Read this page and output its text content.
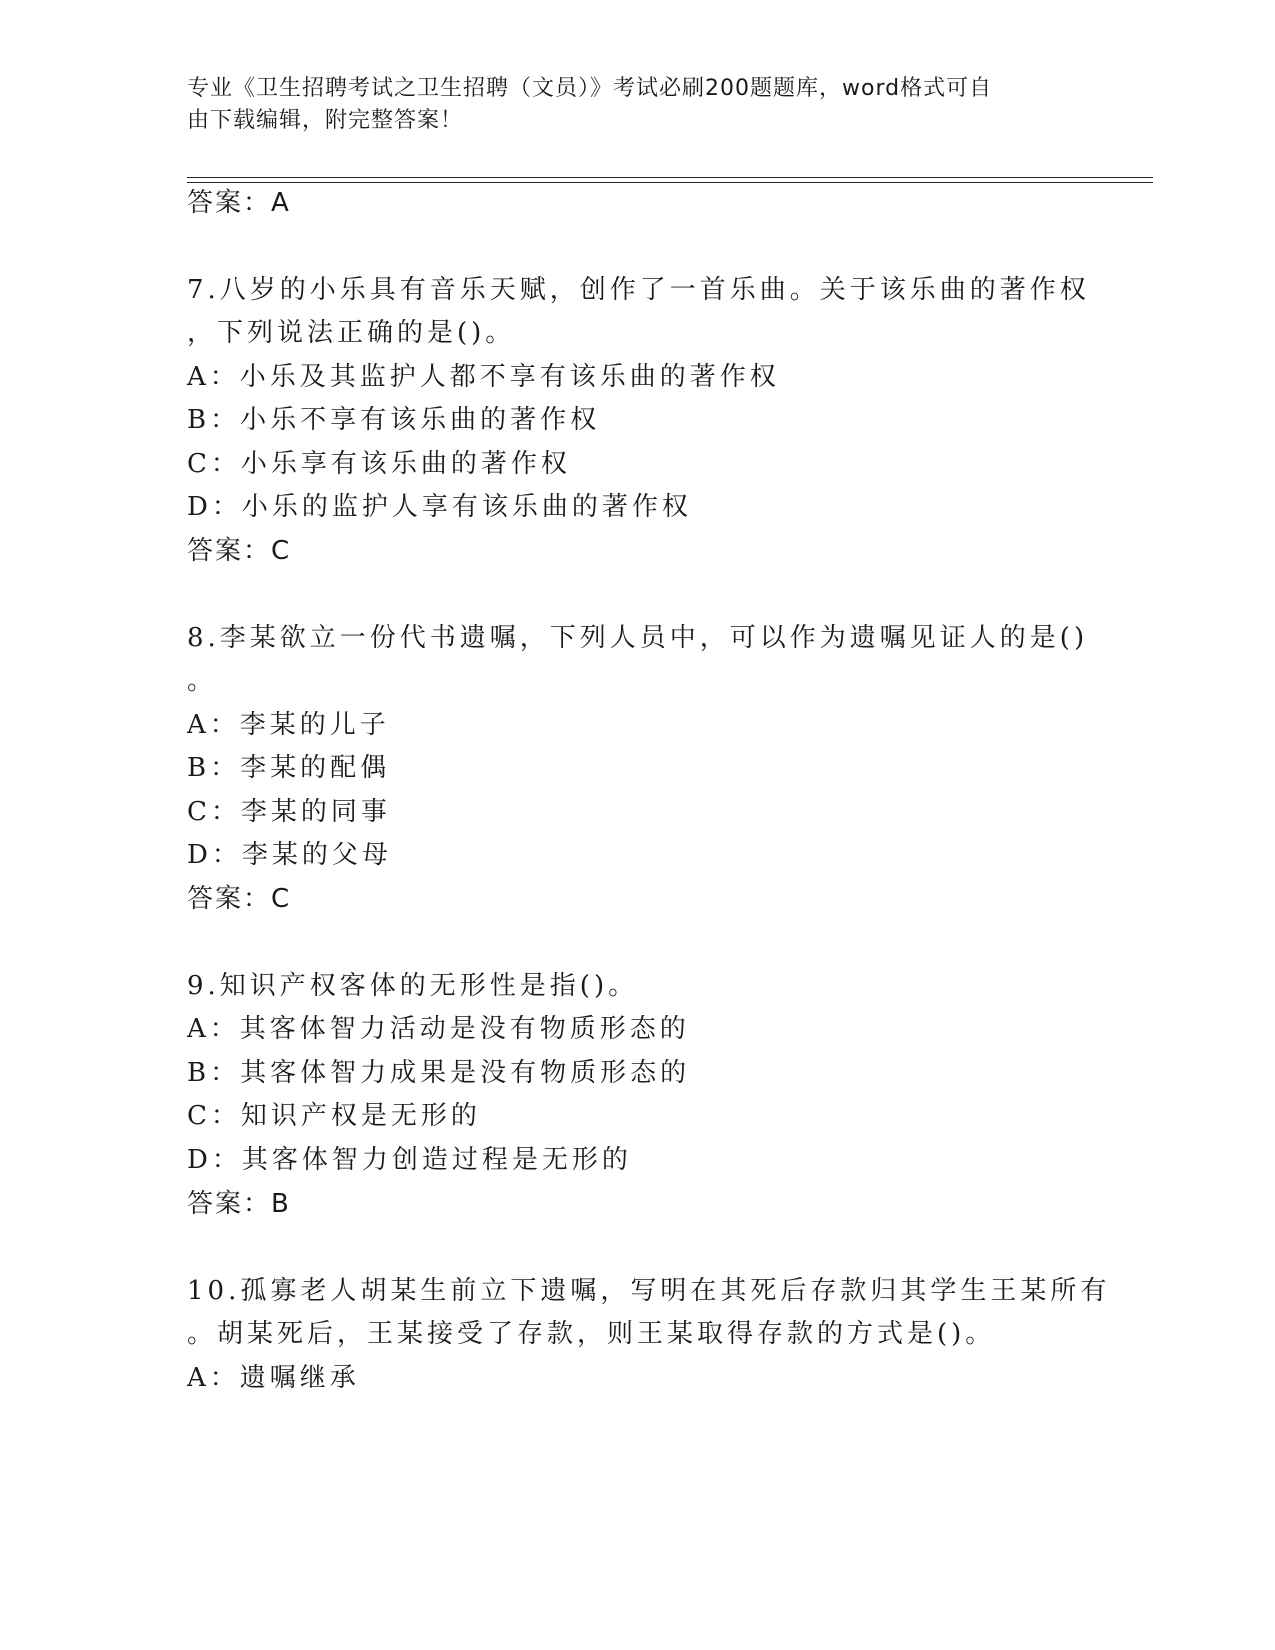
专业《卫生招聘考试之卫生招聘（文员）》考试必刷200题题库，word格式可自
由下载编辑，附完整答案！
答案：A
7.八岁的小乐具有音乐天赋，创作了一首乐曲。关于该乐曲的著作权
，下列说法正确的是()。
A：小乐及其监护人都不享有该乐曲的著作权
B：小乐不享有该乐曲的著作权
C：小乐享有该乐曲的著作权
D：小乐的监护人享有该乐曲的著作权
答案：C
8.李某欲立一份代书遗嘱，下列人员中，可以作为遗嘱见证人的是()
。
A：李某的儿子
B：李某的配偶
C：李某的同事
D：李某的父母
答案：C
9.知识产权客体的无形性是指()。
A：其客体智力活动是没有物质形态的
B：其客体智力成果是没有物质形态的
C：知识产权是无形的
D：其客体智力创造过程是无形的
答案：B
10.孤寡老人胡某生前立下遗嘱，写明在其死后存款归其学生王某所有
。胡某死后，王某接受了存款，则王某取得存款的方式是()。
A：遗嘱继承
